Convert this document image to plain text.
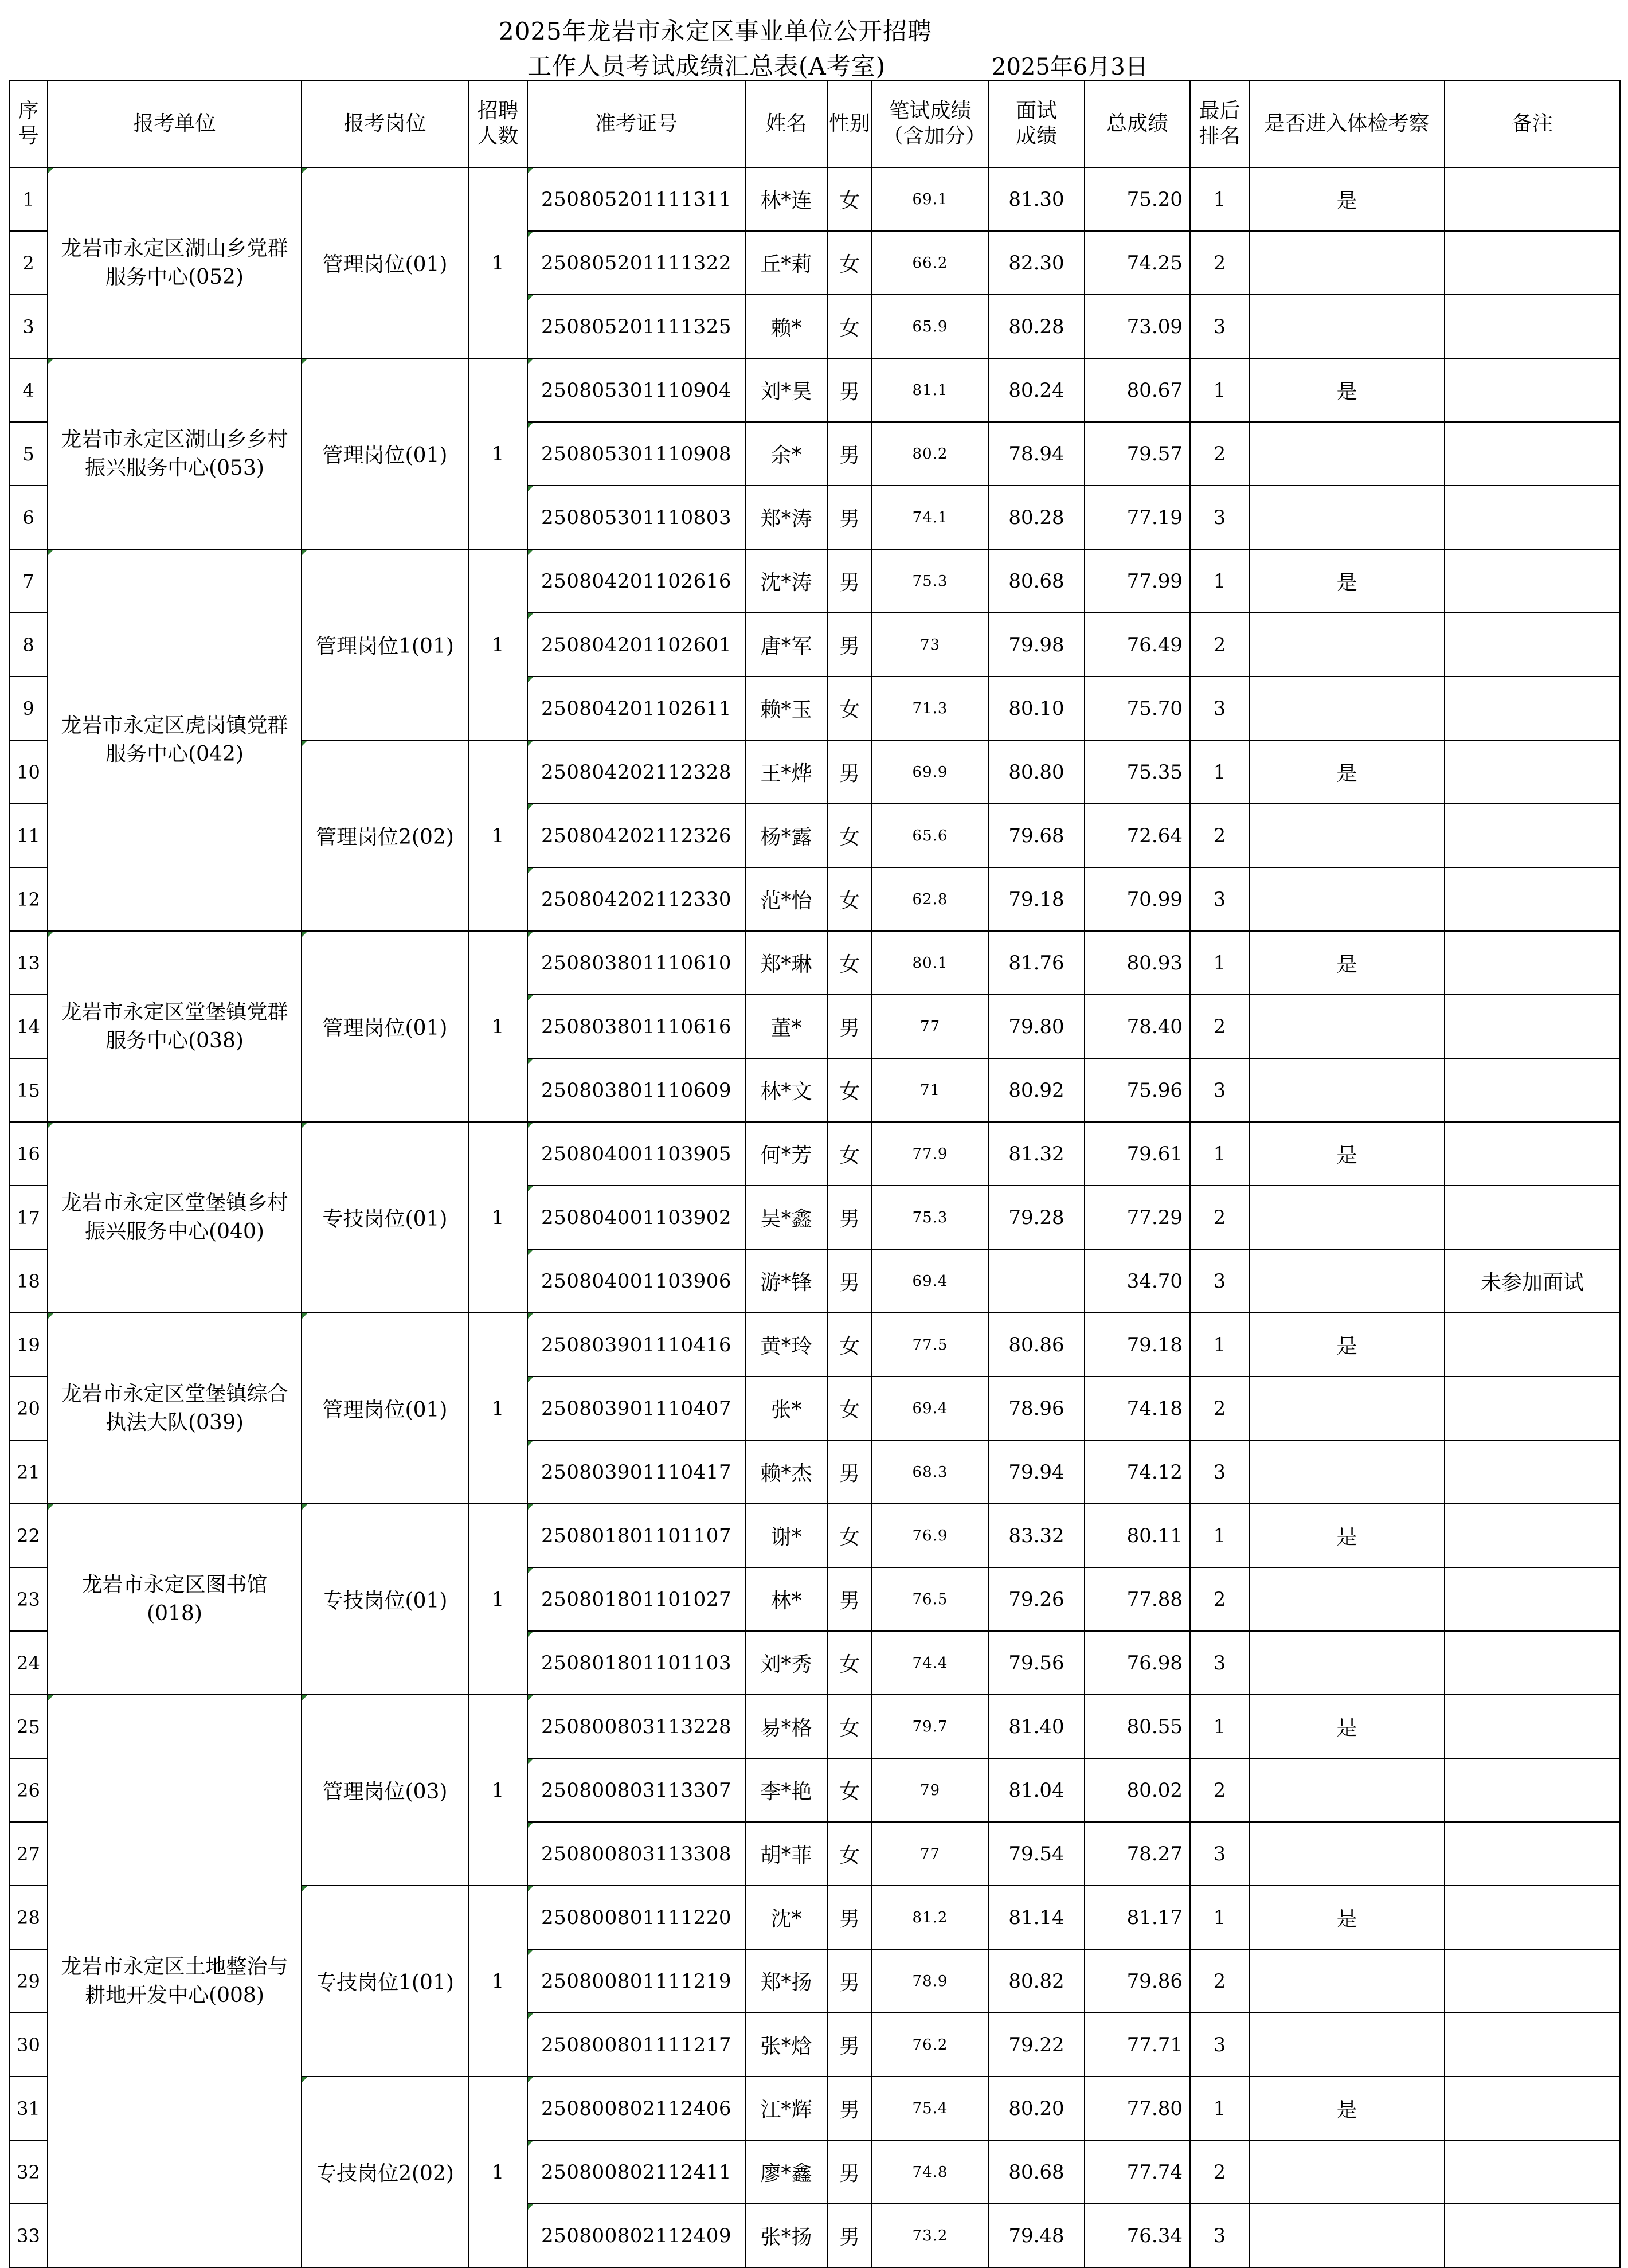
2025年龙岩市永定区事业单位公开招聘
工作人员考试成绩汇总表(A考室)	2025年6月3日
序号	报考单位	报考岗位	招聘人数	准考证号	姓名	性别	笔试成绩（含加分）	面试成绩	总成绩	最后排名	是否进入体检考察	备注
1	龙岩市永定区湖山乡党群服务中心(052)	管理岗位(01)	1	250805201111311	林*连	女	69.1	81.30	75.20	1	是	
2				250805201111322	丘*莉	女	66.2	82.30	74.25	2		
3				250805201111325	赖*	女	65.9	80.28	73.09	3		
4	龙岩市永定区湖山乡乡村振兴服务中心(053)	管理岗位(01)	1	250805301110904	刘*昊	男	81.1	80.24	80.67	1	是	
5				250805301110908	余*	男	80.2	78.94	79.57	2		
6				250805301110803	郑*涛	男	74.1	80.28	77.19	3		
7	龙岩市永定区虎岗镇党群服务中心(042)	管理岗位1(01)	1	250804201102616	沈*涛	男	75.3	80.68	77.99	1	是	
8				250804201102601	唐*军	男	73	79.98	76.49	2		
9				250804201102611	赖*玉	女	71.3	80.10	75.70	3		
10		管理岗位2(02)	1	250804202112328	王*烨	男	69.9	80.80	75.35	1	是	
11				250804202112326	杨*露	女	65.6	79.68	72.64	2		
12				250804202112330	范*怡	女	62.8	79.18	70.99	3		
13	龙岩市永定区堂堡镇党群服务中心(038)	管理岗位(01)	1	250803801110610	郑*琳	女	80.1	81.76	80.93	1	是	
14				250803801110616	董*	男	77	79.80	78.40	2		
15				250803801110609	林*文	女	71	80.92	75.96	3		
16	龙岩市永定区堂堡镇乡村振兴服务中心(040)	专技岗位(01)	1	250804001103905	何*芳	女	77.9	81.32	79.61	1	是	
17				250804001103902	吴*鑫	男	75.3	79.28	77.29	2		
18				250804001103906	游*锋	男	69.4		34.70	3		未参加面试
19	龙岩市永定区堂堡镇综合执法大队(039)	管理岗位(01)	1	250803901110416	黄*玲	女	77.5	80.86	79.18	1	是	
20				250803901110407	张*	女	69.4	78.96	74.18	2		
21				250803901110417	赖*杰	男	68.3	79.94	74.12	3		
22	龙岩市永定区图书馆(018)	专技岗位(01)	1	250801801101107	谢*	女	76.9	83.32	80.11	1	是	
23				250801801101027	林*	男	76.5	79.26	77.88	2		
24				250801801101103	刘*秀	女	74.4	79.56	76.98	3		
25	龙岩市永定区土地整治与耕地开发中心(008)	管理岗位(03)	1	250800803113228	易*格	女	79.7	81.40	80.55	1	是	
26				250800803113307	李*艳	女	79	81.04	80.02	2		
27				250800803113308	胡*菲	女	77	79.54	78.27	3		
28		专技岗位1(01)	1	250800801111220	沈*	男	81.2	81.14	81.17	1	是	
29				250800801111219	郑*扬	男	78.9	80.82	79.86	2		
30				250800801111217	张*焓	男	76.2	79.22	77.71	3		
31		专技岗位2(02)	1	250800802112406	江*辉	男	75.4	80.20	77.80	1	是	
32				250800802112411	廖*鑫	男	74.8	80.68	77.74	2		
33				250800802112409	张*扬	男	73.2	79.48	76.34	3		
